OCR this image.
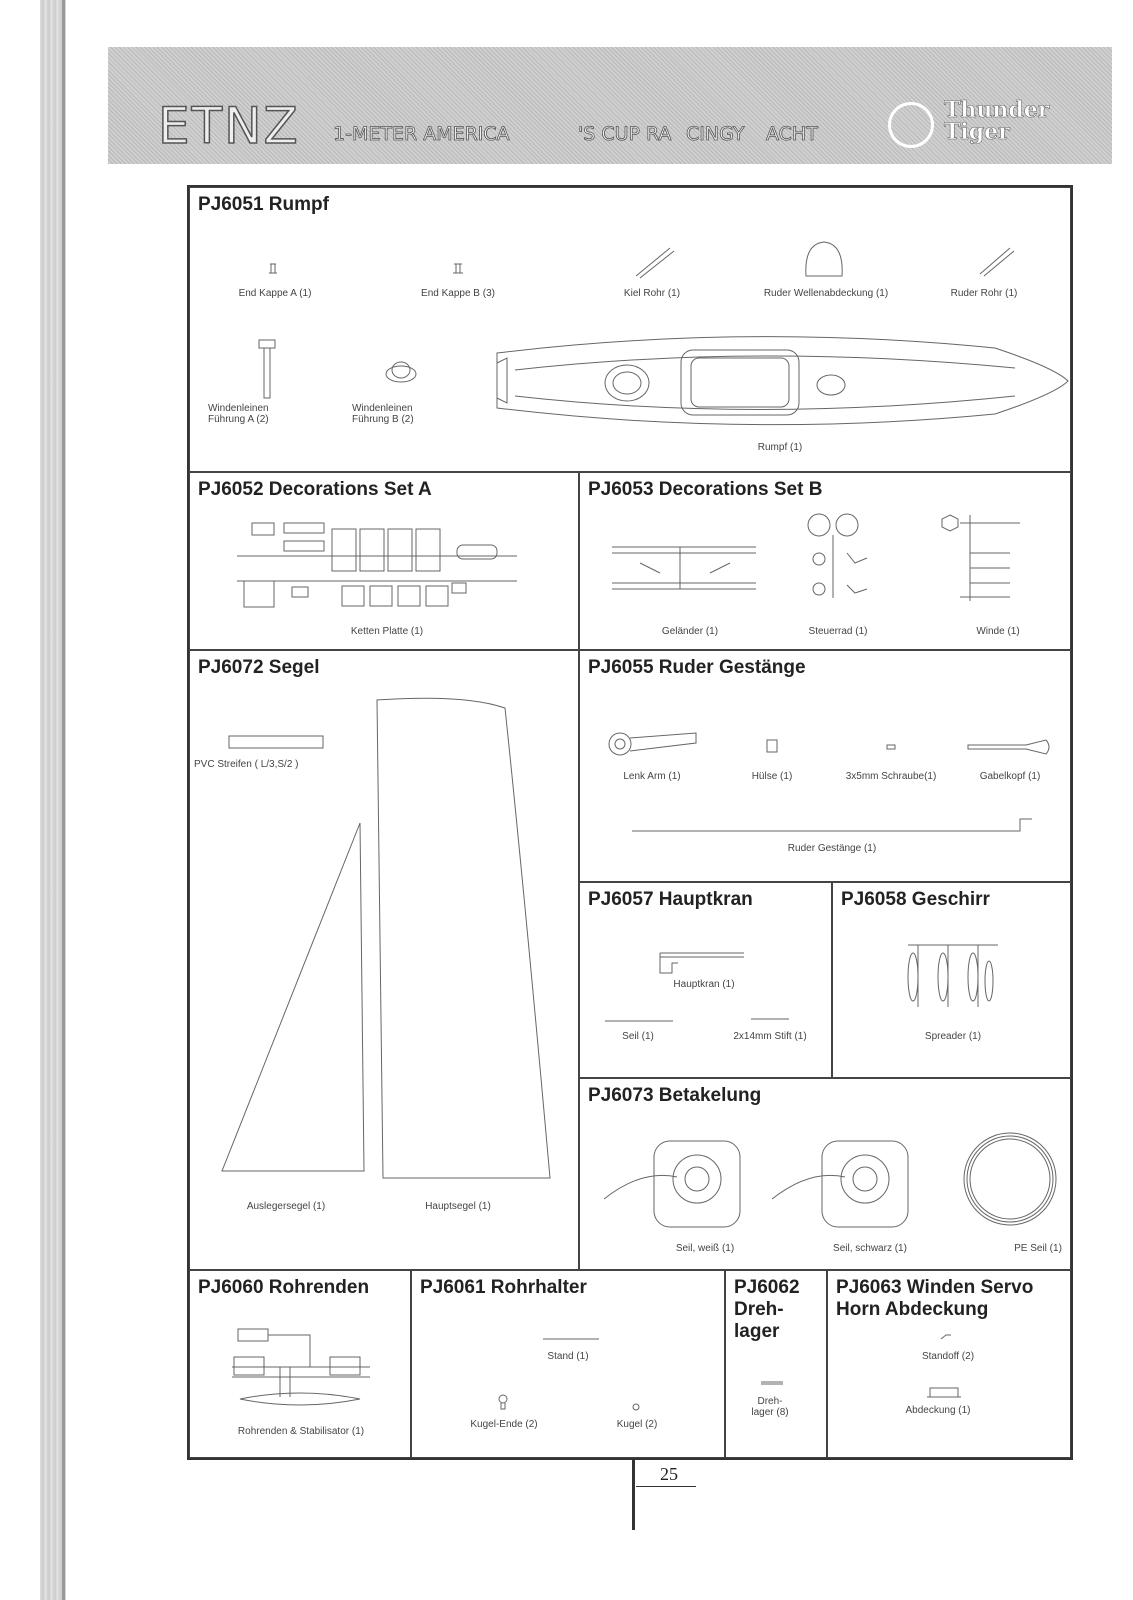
ETNZ 1-METER AMERICA	'S CUP RA CINGY ACHT
Thunder
Tiger
PJ6051 Rumpf
End Kappe A (1)	End Kappe B (3)	Kiel Rohr (1)	Ruder Wellenabdeckung (1)	Ruder Rohr (1)
Windenleinen
Führung A (2)
Windenleinen
Führung B (2)
Rumpf (1)
PJ6052 Decorations Set A
Ketten Platte (1)
PJ6053 Decorations Set B
Geländer (1)	Steuerrad (1)	Winde (1)
PJ6072 Segel
PVC Streifen ( L/3,S/2 )
Auslegersegel (1)	Hauptsegel (1)
PJ6055 Ruder Gestänge
Lenk Arm (1)	Hülse (1)	3x5mm Schraube(1)	Gabelkopf (1)
Ruder Gestänge (1)
PJ6057 Hauptkran
Hauptkran (1)
Seil (1)	2x14mm Stift (1)
PJ6058 Geschirr
Spreader (1)
PJ6073 Betakelung
Seil, weiß (1)	Seil, schwarz (1)	PE Seil (1)
PJ6060 Rohrenden
Rohrenden & Stabilisator (1)
PJ6061 Rohrhalter
Stand (1)
Kugel-Ende (2)	Kugel (2)
PJ6062
Dreh-
lager
Dreh-
lager (8)
PJ6063 Winden Servo
Horn Abdeckung
Standoff (2)
Abdeckung (1)
25
